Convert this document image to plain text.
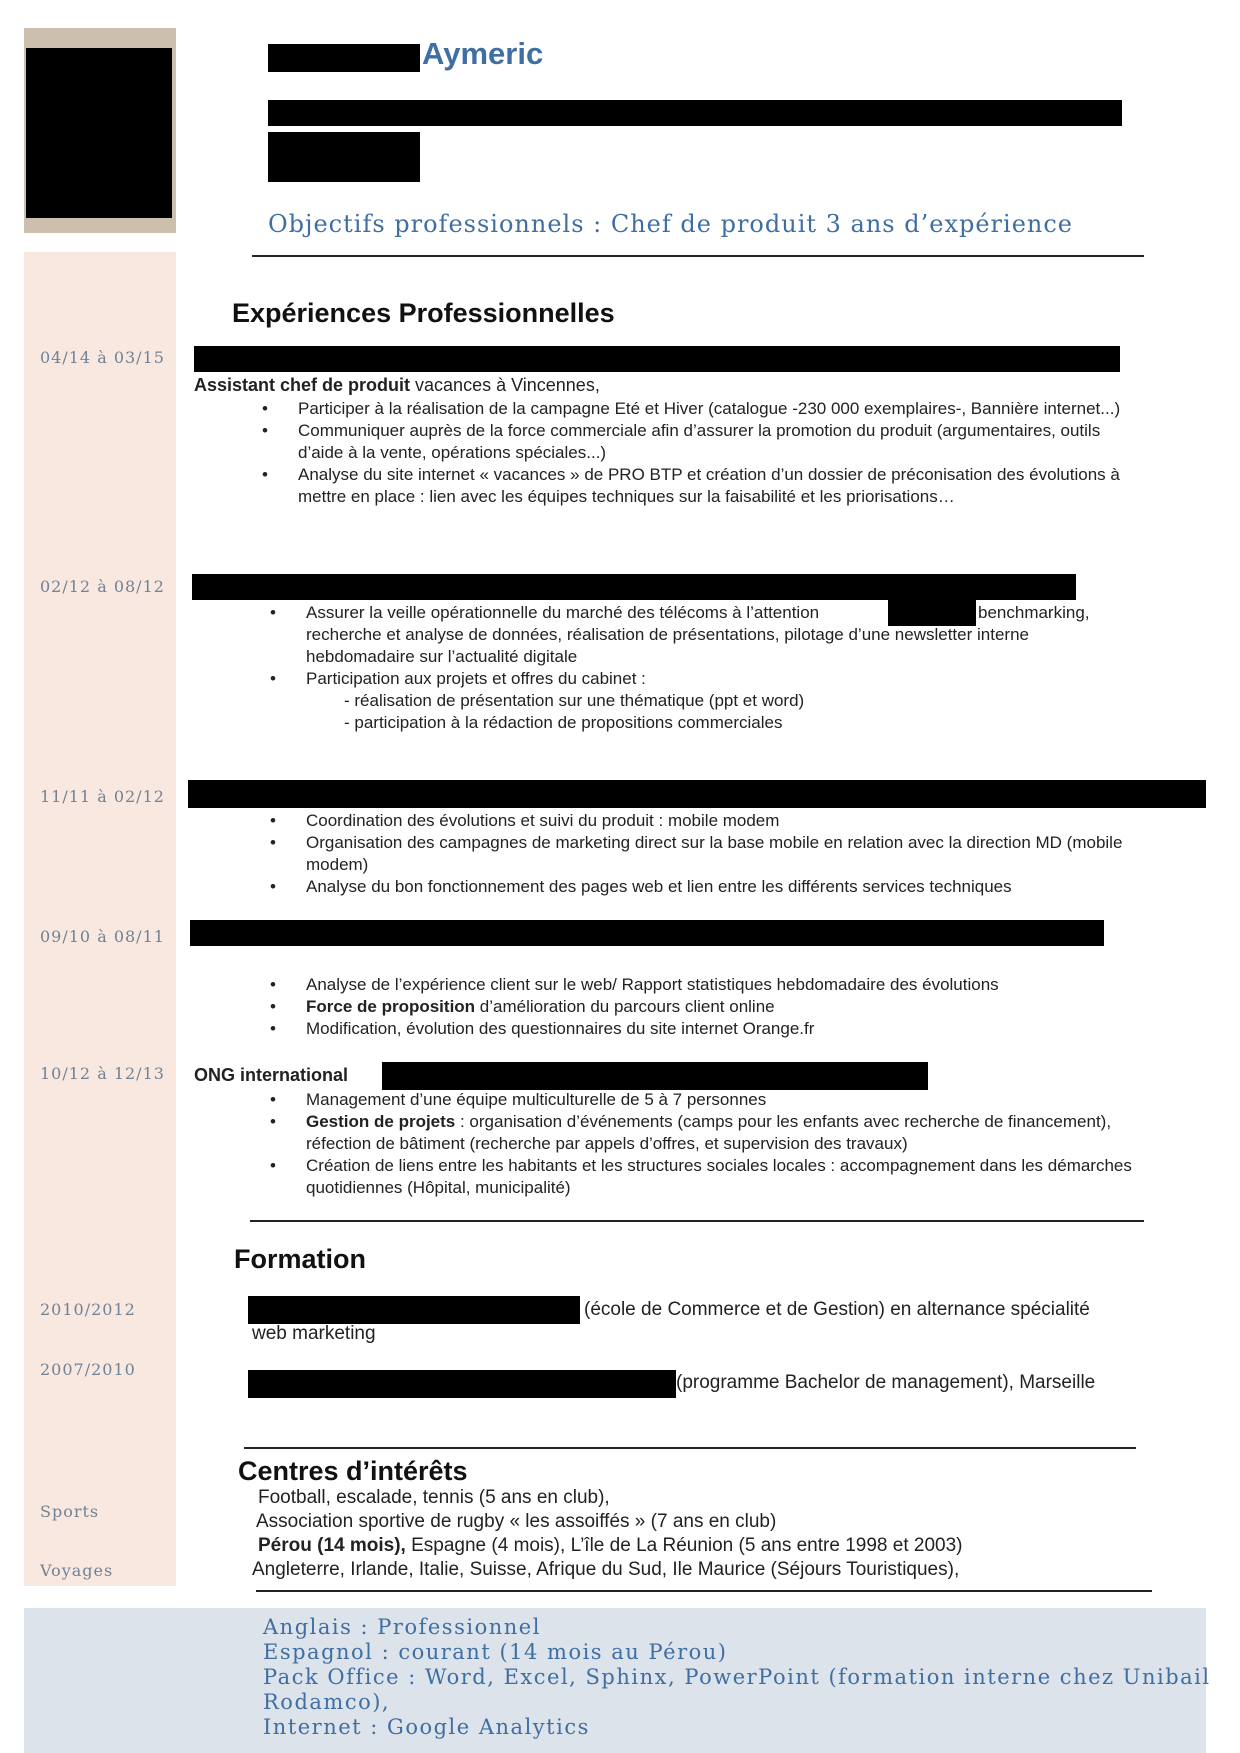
Aymeric
Objectifs professionnels : Chef de produit 3 ans d’expérience
Expériences Professionnelles
04/14 à 03/15
Assistant chef de produit vacances à Vincennes,
• Participer à la réalisation de la campagne Eté et Hiver (catalogue -230 000 exemplaires-, Bannière internet...)
• Communiquer auprès de la force commerciale afin d’assurer la promotion du produit (argumentaires, outils d’aide à la vente, opérations spéciales...)
• Analyse du site internet « vacances » de PRO BTP et création d’un dossier de préconisation des évolutions à mettre en place : lien avec les équipes techniques sur la faisabilité et les priorisations…
02/12 à 08/12
• Assurer la veille opérationnelle du marché des télécoms à l’attention	benchmarking, recherche et analyse de données, réalisation de présentations, pilotage d’une newsletter interne hebdomadaire sur l’actualité digitale
• Participation aux projets et offres du cabinet :
- réalisation de présentation sur une thématique (ppt et word)
- participation à la rédaction de propositions commerciales
11/11 à 02/12
• Coordination des évolutions et suivi du produit : mobile modem
• Organisation des campagnes de marketing direct sur la base mobile en relation avec la direction MD (mobile modem)
• Analyse du bon fonctionnement des pages web et lien entre les différents services techniques
09/10 à 08/11
• Analyse de l’expérience client sur le web/ Rapport statistiques hebdomadaire des évolutions
• Force de proposition d’amélioration du parcours client online
• Modification, évolution des questionnaires du site internet Orange.fr
10/12 à 12/13 ONG international
• Management d’une équipe multiculturelle de 5 à 7 personnes
• Gestion de projets : organisation d’événements (camps pour les enfants avec recherche de financement), réfection de bâtiment (recherche par appels d’offres, et supervision des travaux)
• Création de liens entre les habitants et les structures sociales locales : accompagnement dans les démarches quotidiennes (Hôpital, municipalité)
Formation
2010/2012	(école de Commerce et de Gestion) en alternance spécialité
web marketing
2007/2010
(programme Bachelor de management), Marseille
Centres d’intérêts
Sports
Voyages
Football, escalade, tennis (5 ans en club),
Association sportive de rugby « les assoiffés » (7 ans en club)
Pérou (14 mois), Espagne (4 mois), L’île de La Réunion (5 ans entre 1998 et 2003)
Angleterre, Irlande, Italie, Suisse, Afrique du Sud, Ile Maurice (Séjours Touristiques),
Anglais : Professionnel
Espagnol : courant (14 mois au Pérou)
Pack Office : Word, Excel, Sphinx, PowerPoint (formation interne chez Unibail
Rodamco),
Internet : Google Analytics
